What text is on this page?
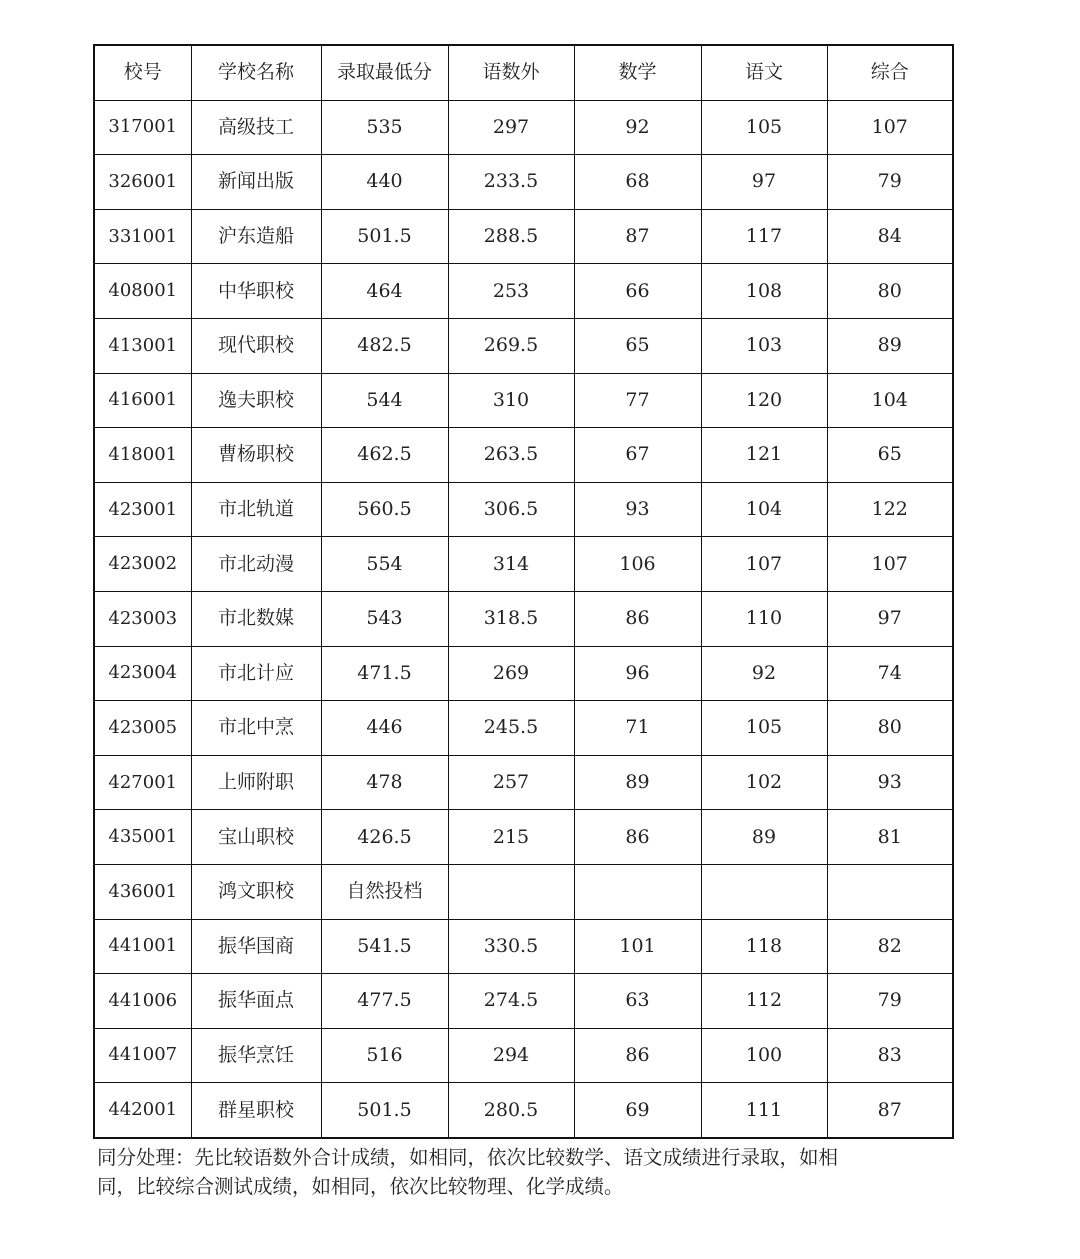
校号	学校名称	录取最低分	语数外	数学	语文	综合
317001	高级技工	535	297	92	105	107
326001	新闻出版	440	233.5	68	97	79
331001	沪东造船	501.5	288.5	87	117	84
408001	中华职校	464	253	66	108	80
413001	现代职校	482.5	269.5	65	103	89
416001	逸夫职校	544	310	77	120	104
418001	曹杨职校	462.5	263.5	67	121	65
423001	市北轨道	560.5	306.5	93	104	122
423002	市北动漫	554	314	106	107	107
423003	市北数媒	543	318.5	86	110	97
423004	市北计应	471.5	269	96	92	74
423005	市北中烹	446	245.5	71	105	80
427001	上师附职	478	257	89	102	93
435001	宝山职校	426.5	215	86	89	81
436001	鸿文职校	自然投档				
441001	振华国商	541.5	330.5	101	118	82
441006	振华面点	477.5	274.5	63	112	79
441007	振华烹饪	516	294	86	100	83
442001	群星职校	501.5	280.5	69	111	87

同分处理：先比较语数外合计成绩，如相同，依次比较数学、语文成绩进行录取，如相

同，比较综合测试成绩，如相同，依次比较物理、化学成绩。
